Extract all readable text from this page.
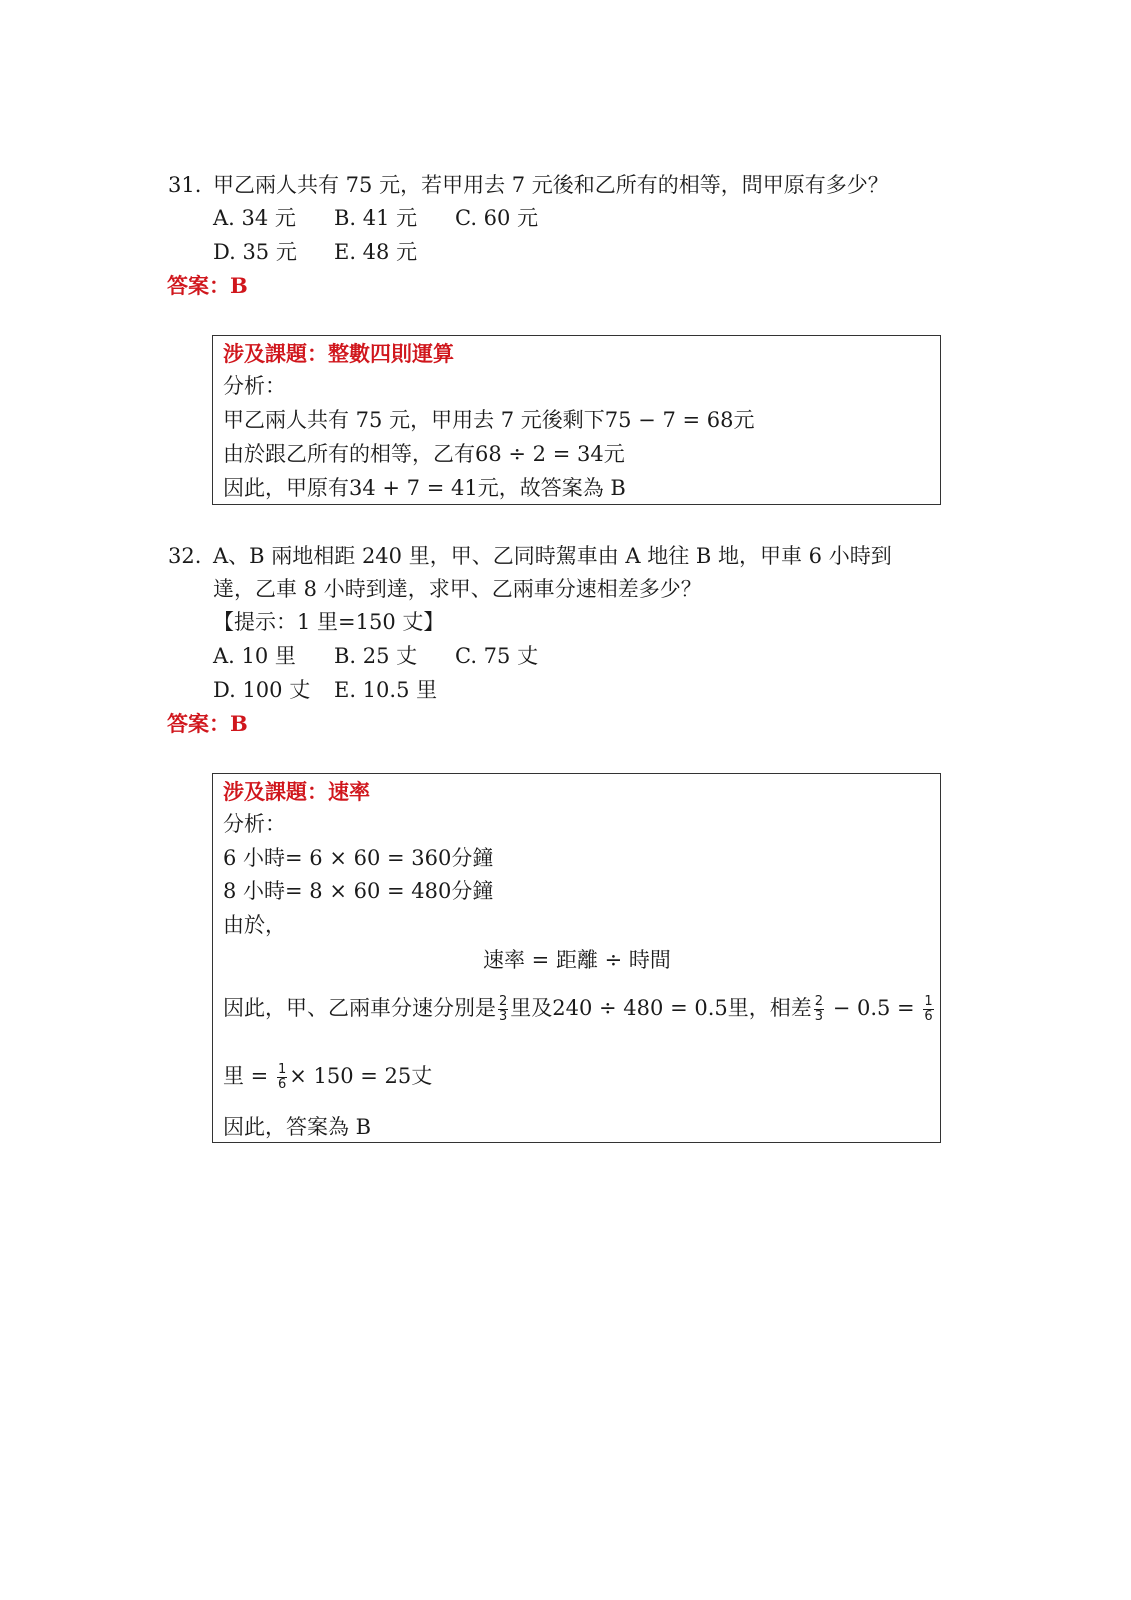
31. 甲乙兩人共有 75 元，若甲用去 7 元後和乙所有的相等，問甲原有多少？
A. 34 元 B. 41 元 C. 60 元
D. 35 元 E. 48 元
答案：B
涉及課題：整數四則運算
分析：
甲乙兩人共有 75 元，甲用去 7 元後剩下75 − 7 = 68元
由於跟乙所有的相等，乙有68 ÷ 2 = 34元
因此，甲原有34 + 7 = 41元，故答案為 B
32. A、B 兩地相距 240 里，甲、乙同時駕車由 A 地往 B 地，甲車 6 小時到
達，乙車 8 小時到達，求甲、乙兩車分速相差多少？
【提示：1 里=150 丈】
A. 10 里 B. 25 丈 C. 75 丈
D. 100 丈 E. 10.5 里
答案：B
涉及課題：速率
分析：
6 小時= 6 × 60 = 360分鐘
8 小時= 8 × 60 = 480分鐘
由於，
速率 = 距離 ÷ 時間
因此，甲、乙兩車分速分別是 $\frac{2}{3}$ 里及240 ÷ 480 = 0.5里，相差 $\frac{2}{3} - 0.5 = \frac{1}{6}$
里 = $\frac{1}{6} \times 150 = 25$丈
因此，答案為 B
